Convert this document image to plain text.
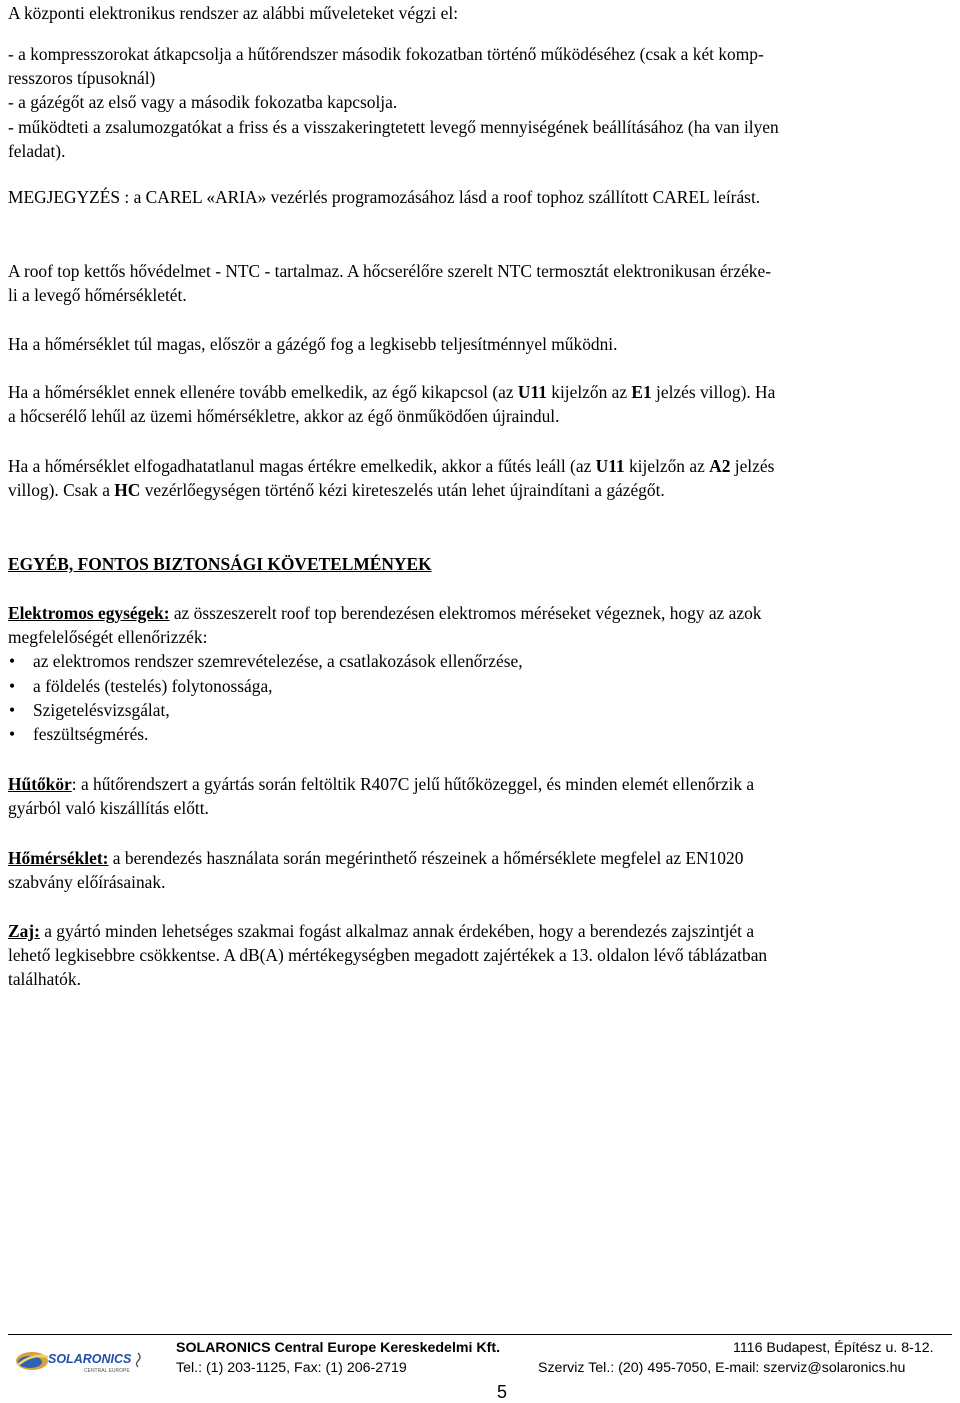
A központi elektronikus rendszer az alábbi műveleteket végzi el:

- a kompresszorokat átkapcsolja a hűtőrendszer második fokozatban történő működéséhez (csak a két komp-

resszoros típusoknál)

- a gázégőt az első vagy a második fokozatba kapcsolja.

- működteti a zsalumozgatókat a friss és a visszakeringtetett levegő mennyiségének beállításához (ha van ilyen

feladat).

MEGJEGYZÉS : a CAREL «ARIA» vezérlés programozásához lásd a roof tophoz szállított CAREL leírást.

A roof top kettős hővédelmet - NTC - tartalmaz. A hőcserélőre szerelt NTC termosztát elektronikusan érzéke-

li a levegő hőmérsékletét.

Ha a hőmérséklet túl magas, először a gázégő fog a legkisebb teljesítménnyel működni.

Ha a hőmérséklet ennek ellenére tovább emelkedik, az égő kikapcsol (az U11 kijelzőn az E1 jelzés villog). Ha

a hőcserélő lehűl az üzemi hőmérsékletre, akkor az égő önműködően újraindul.

Ha a hőmérséklet elfogadhatatlanul magas értékre emelkedik, akkor a fűtés leáll (az U11 kijelzőn az A2 jelzés

villog). Csak a HC vezérlőegységen történő kézi kireteszelés után lehet újraindítani a gázégőt.

EGYÉB, FONTOS BIZTONSÁGI KÖVETELMÉNYEK

Elektromos egységek: az összeszerelt roof top berendezésen elektromos méréseket végeznek, hogy az azok

megfelelőségét ellenőrizzék:

• az elektromos rendszer szemrevételezése, a csatlakozások ellenőrzése,
• a földelés (testelés) folytonossága,
• Szigetelésvizsgálat,
• feszültségmérés.

Hűtőkör: a hűtőrendszert a gyártás során feltöltik R407C jelű hűtőközeggel, és minden elemét ellenőrzik a

gyárból való kiszállítás előtt.

Hőmérséklet: a berendezés használata során megérinthető részeinek a hőmérséklete megfelel az EN1020

szabvány előírásainak.

Zaj: a gyártó minden lehetséges szakmai fogást alkalmaz annak érdekében, hogy a berendezés zajszintjét a

lehető legkisebbre csökkentse. A dB(A) mértékegységben megadott zajértékek a 13. oldalon lévő táblázatban

találhatók.

SOLARONICS
CENTRAL EUROPE
SOLARONICS Central Europe Kereskedelmi Kft.	1116 Budapest, Építész u. 8-12.
Tel.: (1) 203-1125, Fax: (1) 206-2719	Szerviz Tel.: (20) 495-7050, E-mail: szerviz@solaronics.hu
5
